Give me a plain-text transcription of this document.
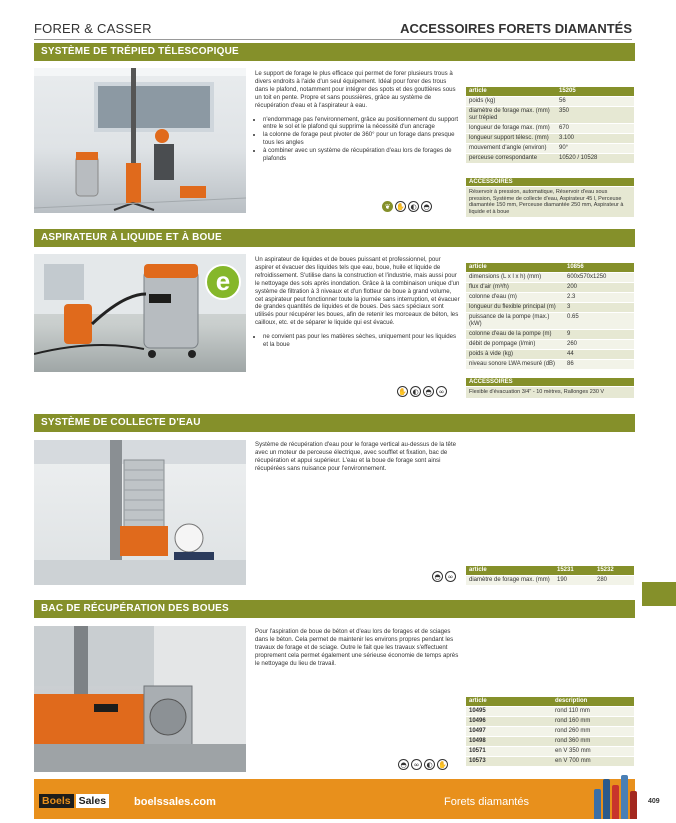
FORER & CASSER	ACCESSOIRES FORETS DIAMANTÉS
SYSTÈME DE TRÉPIED TÉLESCOPIQUE

Le support de forage le plus efficace qui permet de forer plusieurs trous à divers endroits à l'aide d'un seul équipement. Idéal pour forer des trous dans le plafond, notamment pour intégrer des spots et des gouttières sous un toit en pente. Propre et sans poussières, grâce au système de récupération d'eau et à l'aspirateur à eau.

• n'endommage pas l'environnement, grâce au positionnement du support entre le sol et le plafond qui supprime la nécessité d'un ancrage
• la colonne de forage peut pivoter de 360° pour un forage dans presque tous les angles
• à combiner avec un système de récupération d'eau lors de forages de plafonds
article	15205
poids (kg)	56
diamètre de forage max. (mm) sur trépied	350
longueur de forage max. (mm)	670
longueur support télesc. (mm)	3.100
mouvement d'angle (environ)	90°
perceuse correspondante	10520 / 10528
ACCESSOIRES
Réservoir à pression, automatique, Réservoir d'eau sous pression, Système de collecte d'eau, Aspirateur 45 l, Perceuse diamantée 150 mm, Perceuse diamantée 250 mm, Aspirateur à liquide et à boue
❦ ✋ ◐ ◓
ASPIRATEUR À LIQUIDE ET À BOUE
e

Un aspirateur de liquides et de boues puissant et professionnel, pour aspirer et évacuer des liquides tels que eau, boue, huile et liquide de refroidissement. S'utilise dans la construction et l'industrie, mais aussi pour le nettoyage des sols après inondation. Grâce à la combinaison unique d'un système de filtration à 3 niveaux et d'un flotteur de boue à grand volume, cet aspirateur peut fonctionner toute la journée sans interruption, et évacuer de grandes quantités de liquides et de boues. Des sacs spéciaux sont utilisés pour récupérer les boues, afin de retenir les morceaux de béton, les cailloux, etc. et de séparer le liquide qui est évacué.

• ne convient pas pour les matières sèches, uniquement pour les liquides et la boue
article	10856
dimensions (L x l x h) (mm)	600x570x1250
flux d'air (m³/h)	200
colonne d'eau (m)	2.3
longueur du flexible principal (m)	3
puissance de la pompe (max.) (kW)	0.65
colonne d'eau de la pompe (m)	9
débit de pompage (l/min)	260
poids à vide (kg)	44
niveau sonore LWA mesuré (dB)	86
ACCESSOIRES
Flexible d'évacuation 3/4" - 10 mètres, Rallonges 230 V
✋ ◐ ◓	∞
SYSTÈME DE COLLECTE D'EAU

Système de récupération d'eau pour le forage vertical au-dessus de la tête avec un moteur de perceuse électrique, avec soufflet et fixation, bac de récupération et appui supérieur. L'eau et la boue de forage sont ainsi récupérées sans nuisance pour l'environnement.

article	15231	15232
diamètre de forage max. (mm)	190	280
◓	∞
BAC DE RÉCUPÉRATION DES BOUES

Pour l'aspiration de boue de béton et d'eau lors de forages et de sciages dans le béton. Cela permet de maintenir les environs propres pendant les travaux de forage et de sciage. Outre le fait que les travaux s'effectuent proprement cela permet également une sérieuse économie de temps après le nettoyage du lieu de travail.

article	description
10495	rond 110 mm
10496	rond 160 mm
10497	rond 260 mm
10498	rond 360 mm
10571	en V 350 mm
10573	en V 700 mm
◓	∞	◐ ✋
Boels Sales	boelssales.com	Forets diamantés	409
